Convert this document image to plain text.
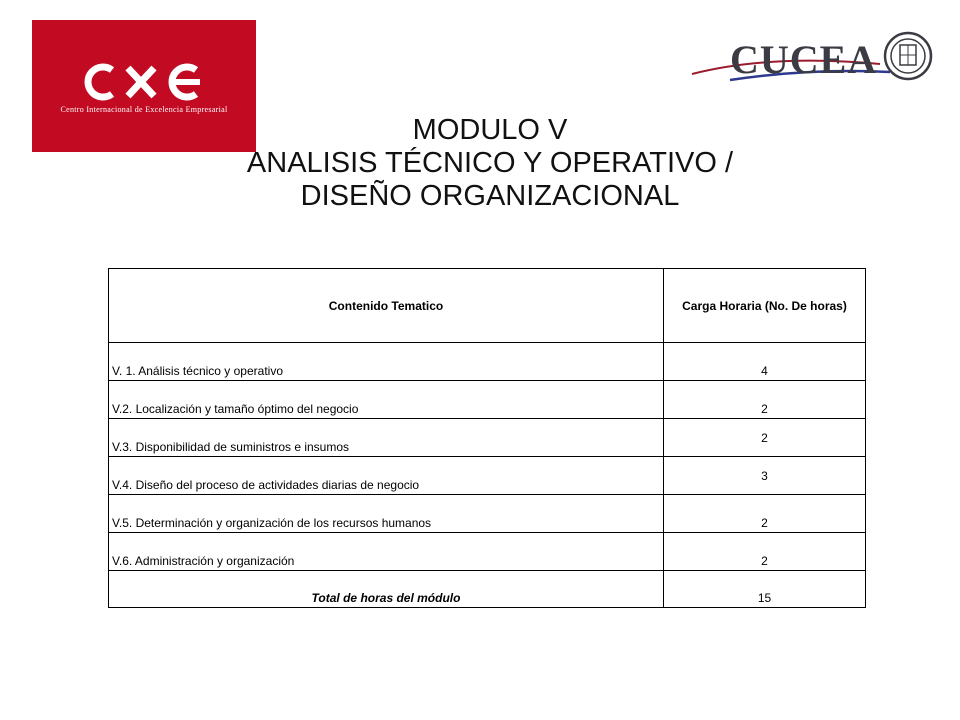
Centro Internacional de Excelencia Empresarial
CUCEA
MODULO V
ANALISIS TÉCNICO Y OPERATIVO /
DISEÑO ORGANIZACIONAL
Contenido Tematico	Carga Horaria (No. De horas)
V. 1. Análisis técnico y operativo	4
V.2. Localización y tamaño óptimo del negocio	2
V.3. Disponibilidad de suministros e insumos	2
V.4. Diseño del proceso de actividades diarias de negocio	3
V.5. Determinación y organización de los recursos humanos	2
V.6. Administración y organización	2
Total de horas del módulo	15
